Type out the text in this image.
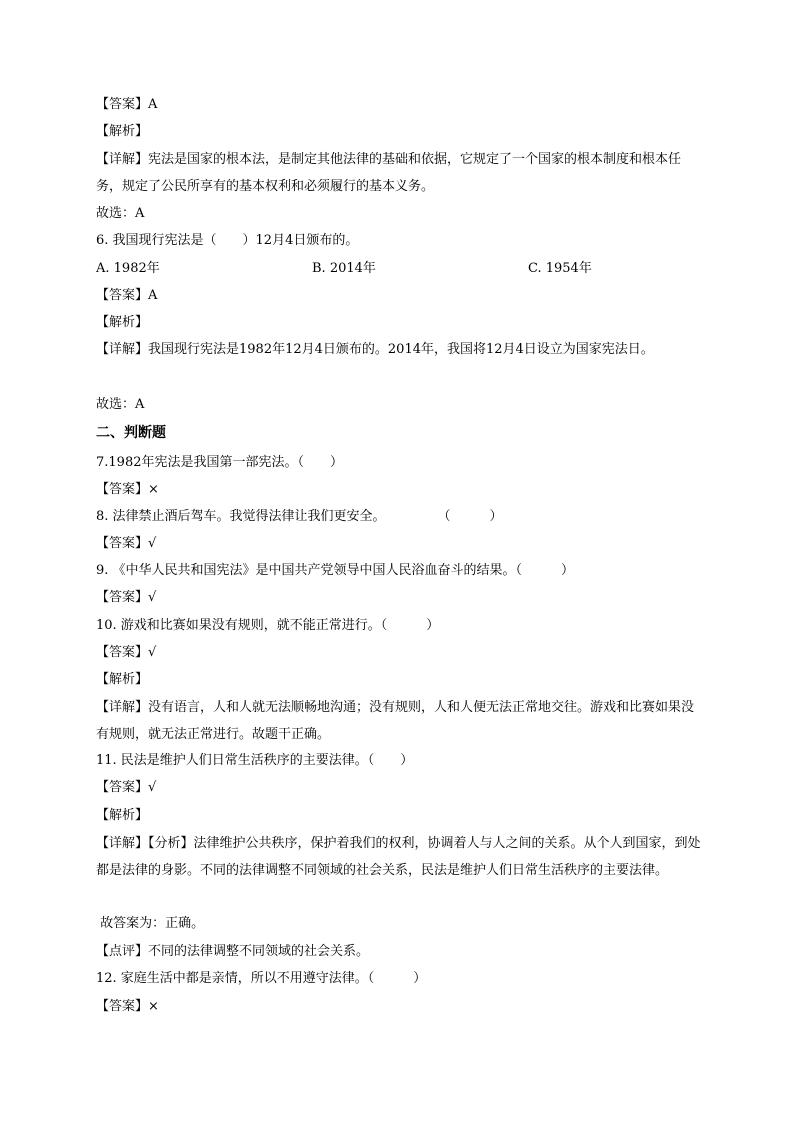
【答案】A
【解析】
【详解】宪法是国家的根本法，是制定其他法律的基础和依据，它规定了一个国家的根本制度和根本任务，规定了公民所享有的基本权利和必须履行的基本义务。
故选：A
6. 我国现行宪法是（　　）12月4日颁布的。
A. 1982年	B. 2014年	C. 1954年
【答案】A
【解析】
【详解】我国现行宪法是1982年12月4日颁布的。2014年，我国将12月4日设立为国家宪法日。
故选：A
二、判断题
7.1982年宪法是我国第一部宪法。（　　）
【答案】×
8. 法律禁止酒后驾车。我觉得法律让我们更安全。　　　　　（　　　）
【答案】√
9. 《中华人民共和国宪法》是中国共产党领导中国人民浴血奋斗的结果。（　　　）
【答案】√
10. 游戏和比赛如果没有规则，就不能正常进行。（　　　）
【答案】√
【解析】
【详解】没有语言，人和人就无法顺畅地沟通；没有规则，人和人便无法正常地交往。游戏和比赛如果没有规则，就无法正常进行。故题干正确。
11. 民法是维护人们日常生活秩序的主要法律。（　　）
【答案】√
【解析】
【详解】【分析】法律维护公共秩序，保护着我们的权利，协调着人与人之间的关系。从个人到国家，到处都是法律的身影。不同的法律调整不同领域的社会关系，民法是维护人们日常生活秩序的主要法律。
故答案为：正确。
【点评】不同的法律调整不同领域的社会关系。
12. 家庭生活中都是亲情，所以不用遵守法律。（　　　）
【答案】×
